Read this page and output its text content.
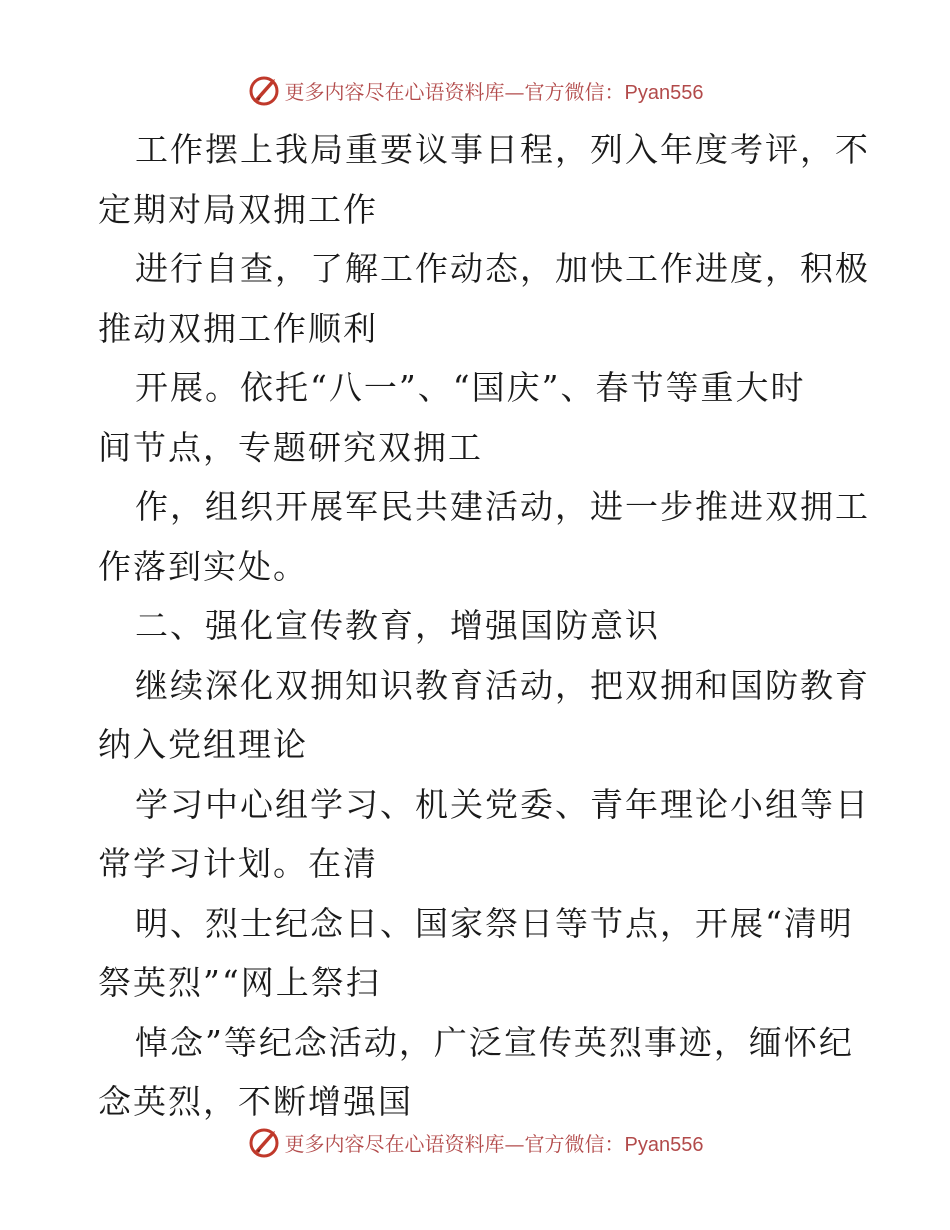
更多内容尽在心语资料库—官方微信：Pyan556
工作摆上我局重要议事日程，列入年度考评，不
定期对局双拥工作
进行自查，了解工作动态，加快工作进度，积极
推动双拥工作顺利
开展。依托“八一”、“国庆”、春节等重大时
间节点，专题研究双拥工
作，组织开展军民共建活动，进一步推进双拥工
作落到实处。
二、强化宣传教育，增强国防意识
继续深化双拥知识教育活动，把双拥和国防教育
纳入党组理论
学习中心组学习、机关党委、青年理论小组等日
常学习计划。在清
明、烈士纪念日、国家祭日等节点，开展“清明
祭英烈”“网上祭扫
悼念”等纪念活动，广泛宣传英烈事迹，缅怀纪
念英烈，不断增强国
更多内容尽在心语资料库—官方微信：Pyan556
